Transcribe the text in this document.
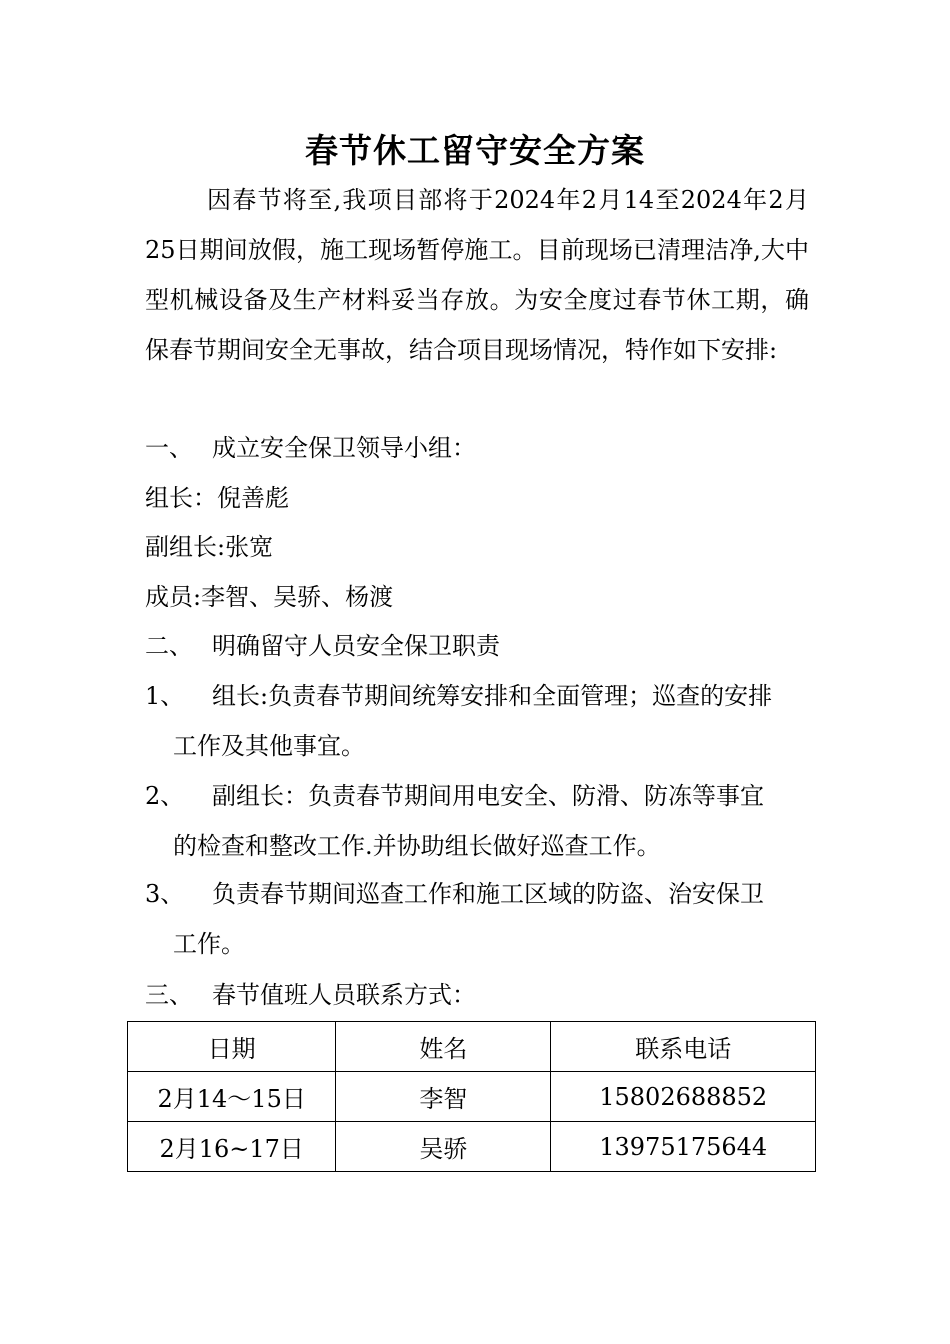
春节休工留守安全方案

因春节将至,我项目部将于2024年2月14至2024年2月25日期间放假，施工现场暂停施工。目前现场已清理洁净,大中型机械设备及生产材料妥当存放。为安全度过春节休工期，确保春节期间安全无事故，结合项目现场情况，特作如下安排:

一、 成立安全保卫领导小组：
组长：倪善彪
副组长:张宽
成员:李智、吴骄、杨渡
二、 明确留守人员安全保卫职责
1、 组长:负责春节期间统筹安排和全面管理；巡查的安排
工作及其他事宜。
2、 副组长：负责春节期间用电安全、防滑、防冻等事宜
的检查和整改工作.并协助组长做好巡查工作。
3、 负责春节期间巡查工作和施工区域的防盗、治安保卫
工作。
三、 春节值班人员联系方式：
日期	姓名	联系电话
2月14～15日	李智	15802688852
2月16~17日	吴骄	13975175644
